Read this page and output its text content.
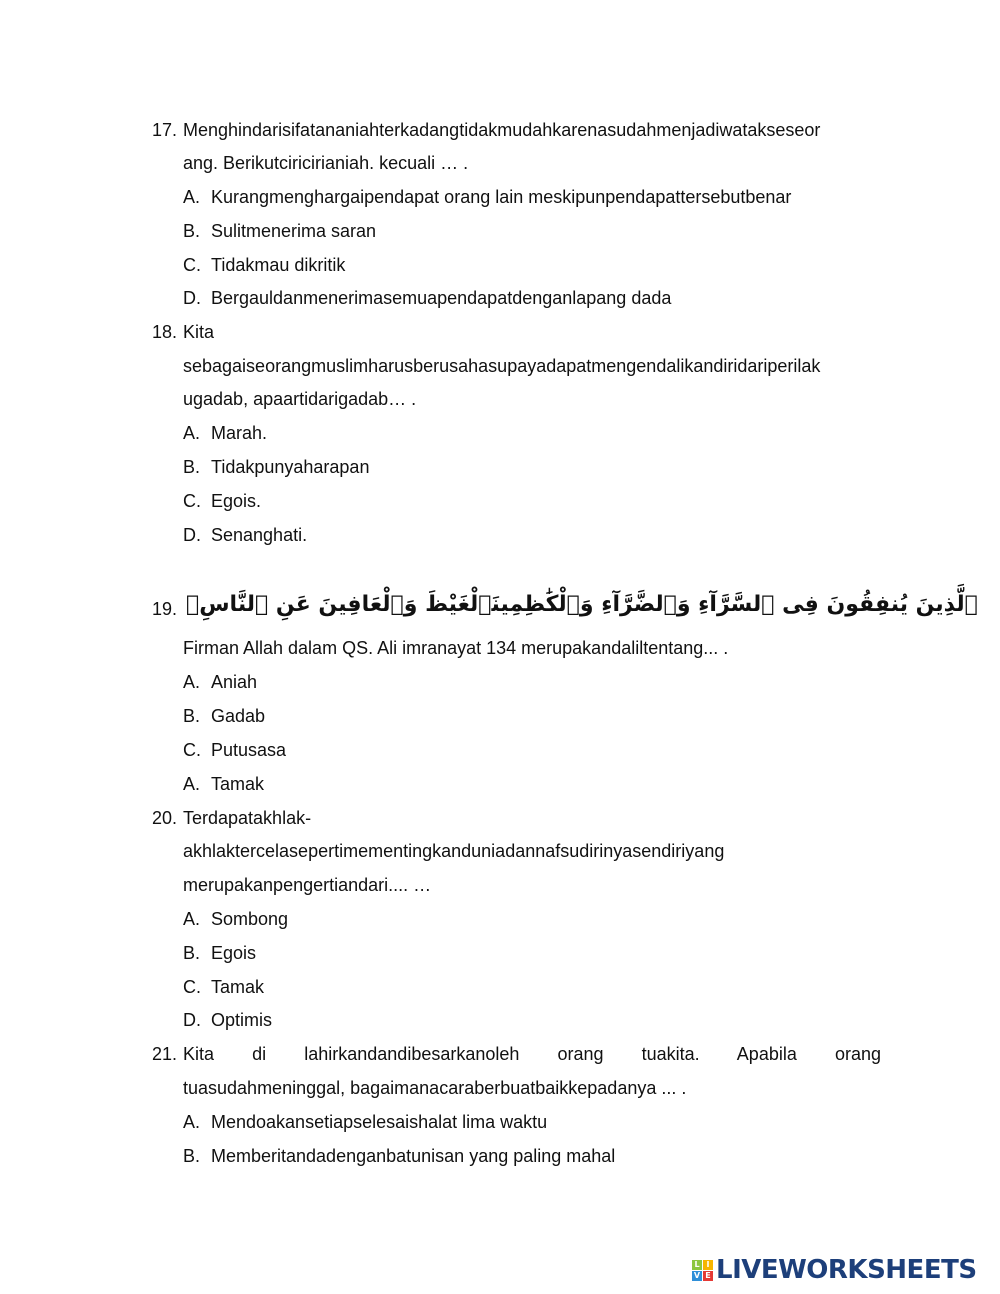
17. Menghindarisifatananiahterkadangtidakmudahkarenasudahmenjadiwatakseseor
ang. Berikutciricirianiah. kecuali … .
A. Kurangmenghargaipendapat orang lain meskipunpendapattersebutbenar
B. Sulitmenerima saran
C. Tidakmau dikritik
D. Bergauldanmenerimasemuapendapatdenganlapang dada
18. Kita
sebagaiseorangmuslimharusberusahasupayadapatmengendalikandiridariperilak
ugadab, apaartidarigadab… .
A. Marah.
B. Tidakpunyaharapan
C. Egois.
D. Senanghati.
19. ٱلَّذِينَ يُنفِقُونَ فِى ٱلسَّرَّآءِ وَٱلضَّرَّآءِ وَٱلْكَٰظِمِينَٱلْغَيْظَ وَٱلْعَافِينَ عَنِ ٱلنَّاسِۗ
Firman Allah dalam QS. Ali imranayat 134 merupakandaliltentang... .
A. Aniah
B. Gadab
C. Putusasa
A. Tamak
20. Terdapatakhlak-
akhlaktercelasepertimementingkanduniadannafsudirinyasendiriyang
merupakanpengertiandari.... …
A. Sombong
B. Egois
C. Tamak
D. Optimis
21. Kita di lahirkandandibesarkanoleh orang tuakita. Apabila orang
tuasudahmeninggal, bagaimanacaraberbuatbaikkepadanya ... .
A. Mendoakansetiapselesaishalat lima waktu
B. Memberitandadenganbatunisan yang paling mahal
L I
V E LIVEWORKSHEETS
